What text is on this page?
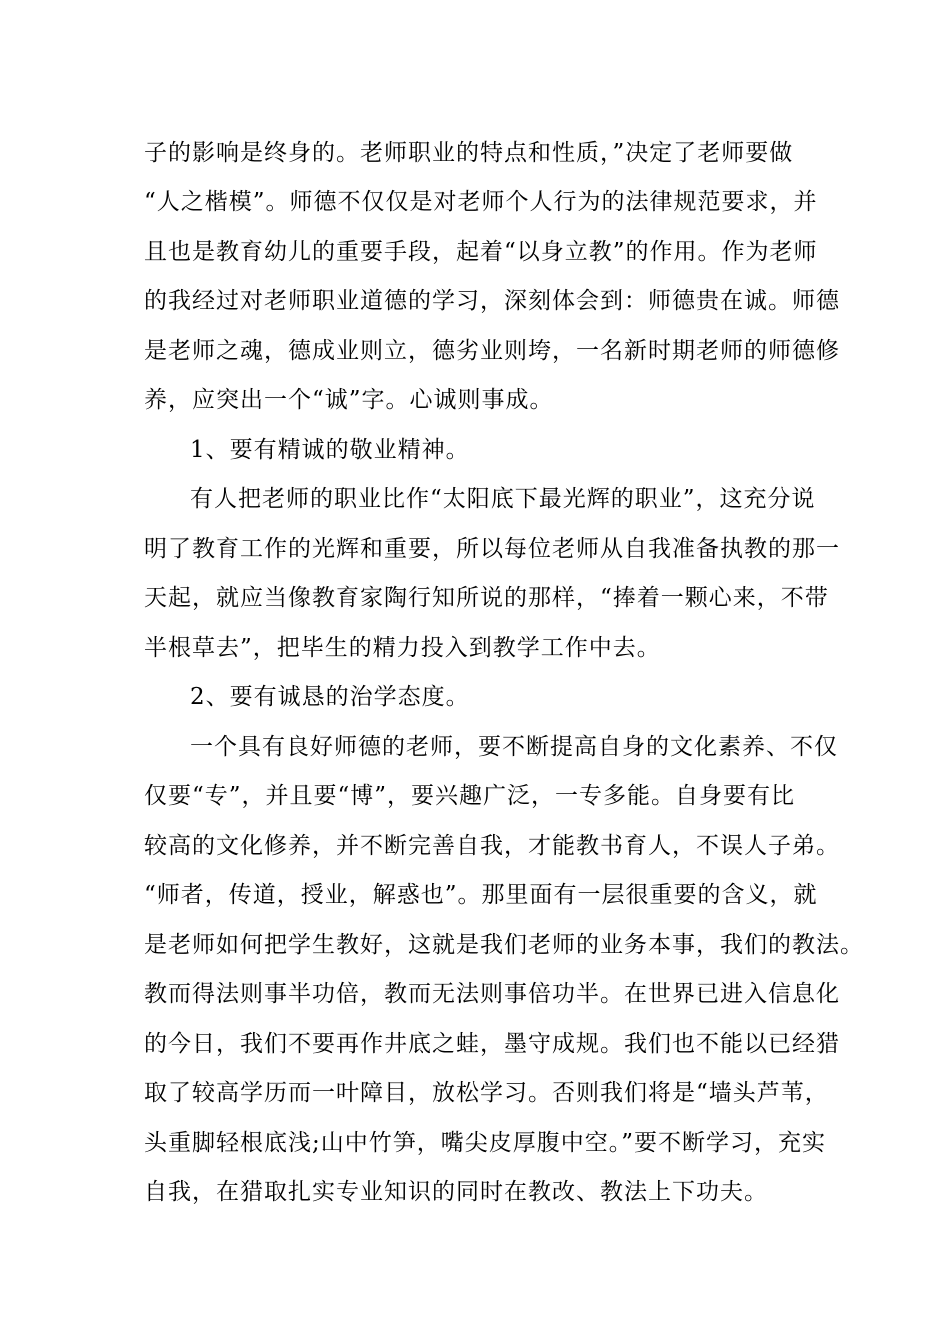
子的影响是终身的。老师职业的特点和性质，”决定了老师要做
“人之楷模”。师德不仅仅是对老师个人行为的法律规范要求，并
且也是教育幼儿的重要手段，起着“以身立教”的作用。作为老师
的我经过对老师职业道德的学习，深刻体会到：师德贵在诚。师德
是老师之魂，德成业则立，德劣业则垮，一名新时期老师的师德修
养，应突出一个“诚”字。心诚则事成。
1、要有精诚的敬业精神。
有人把老师的职业比作“太阳底下最光辉的职业”，这充分说
明了教育工作的光辉和重要，所以每位老师从自我准备执教的那一
天起，就应当像教育家陶行知所说的那样，“捧着一颗心来，不带
半根草去”，把毕生的精力投入到教学工作中去。
2、要有诚恳的治学态度。
一个具有良好师德的老师，要不断提高自身的文化素养、不仅
仅要“专”，并且要“博”，要兴趣广泛，一专多能。自身要有比
较高的文化修养，并不断完善自我，才能教书育人，不误人子弟。
“师者，传道，授业，解惑也”。那里面有一层很重要的含义，就
是老师如何把学生教好，这就是我们老师的业务本事，我们的教法。
教而得法则事半功倍，教而无法则事倍功半。在世界已进入信息化
的今日，我们不要再作井底之蛙，墨守成规。我们也不能以已经猎
取了较高学历而一叶障目，放松学习。否则我们将是“墙头芦苇，
头重脚轻根底浅;山中竹笋，嘴尖皮厚腹中空。”要不断学习，充实
自我，在猎取扎实专业知识的同时在教改、教法上下功夫。
